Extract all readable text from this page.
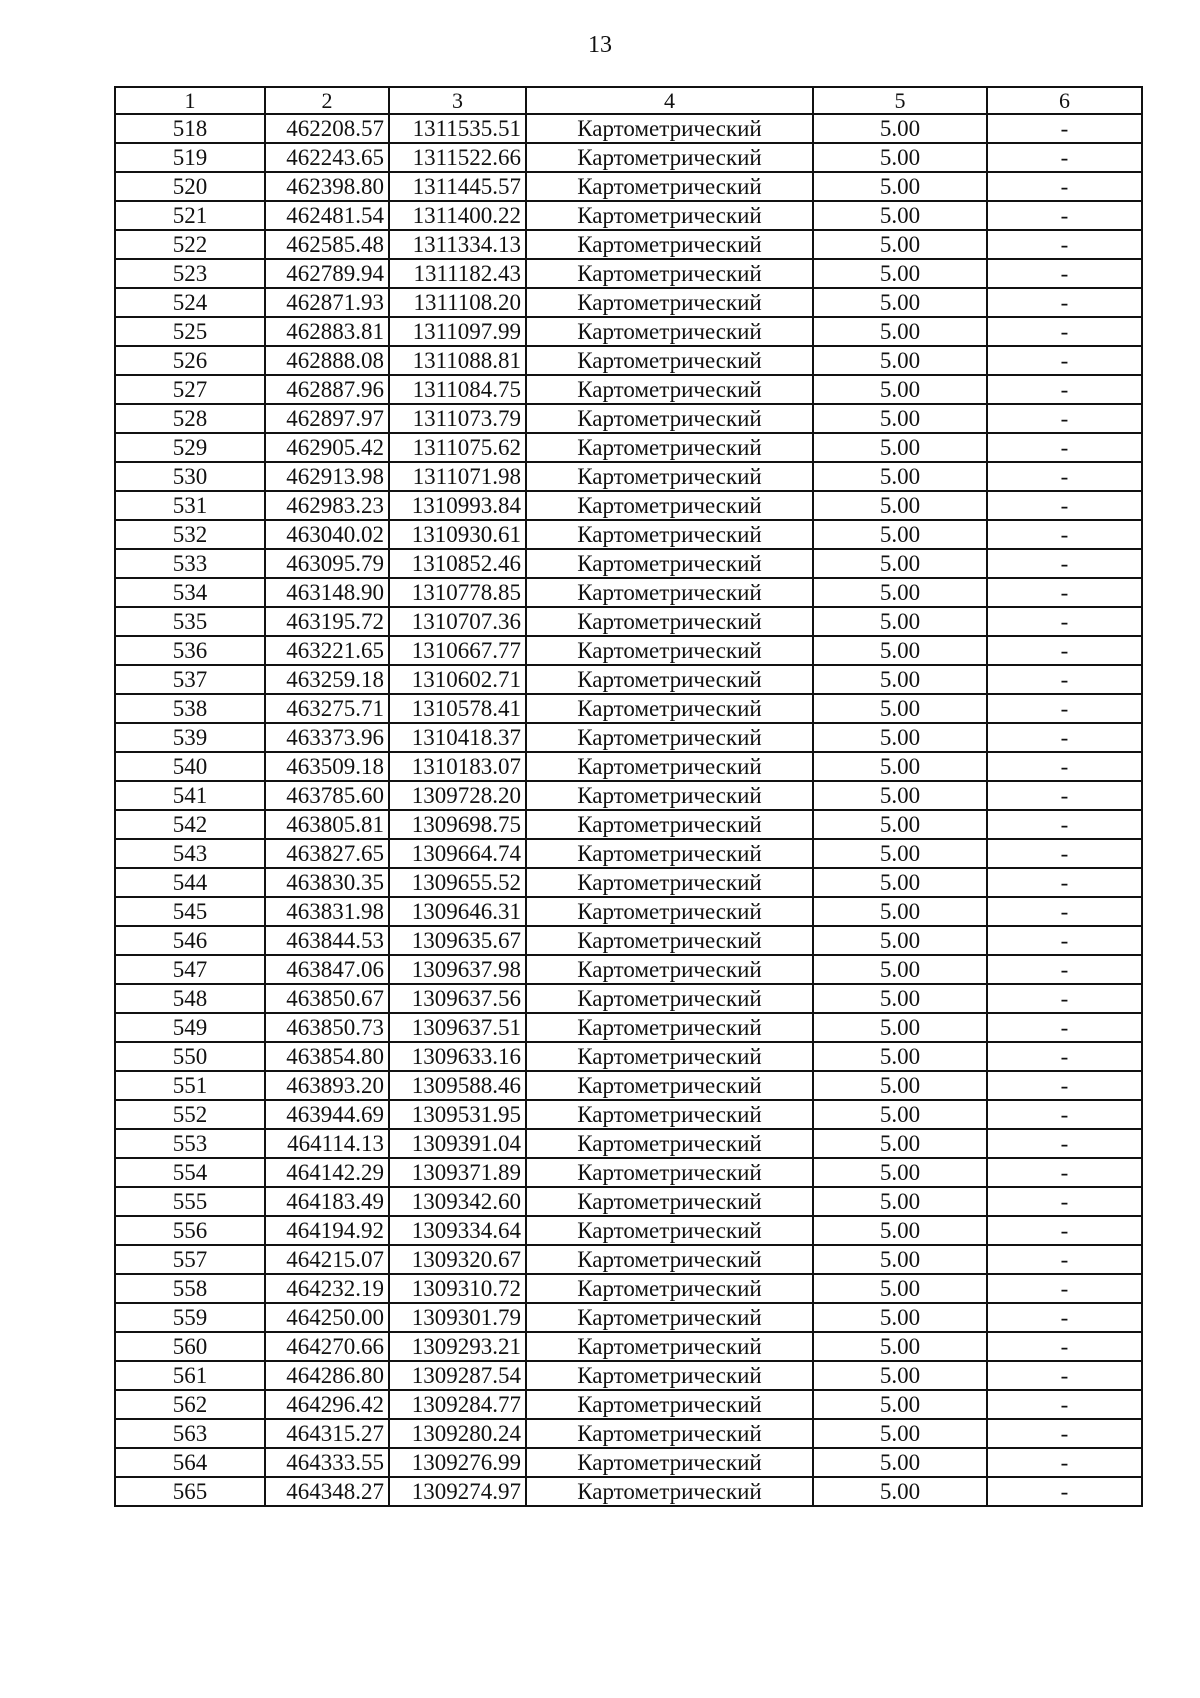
13
1	2	3	4	5	6
518	462208.57	1311535.51	Картометрический	5.00	-
519	462243.65	1311522.66	Картометрический	5.00	-
520	462398.80	1311445.57	Картометрический	5.00	-
521	462481.54	1311400.22	Картометрический	5.00	-
522	462585.48	1311334.13	Картометрический	5.00	-
523	462789.94	1311182.43	Картометрический	5.00	-
524	462871.93	1311108.20	Картометрический	5.00	-
525	462883.81	1311097.99	Картометрический	5.00	-
526	462888.08	1311088.81	Картометрический	5.00	-
527	462887.96	1311084.75	Картометрический	5.00	-
528	462897.97	1311073.79	Картометрический	5.00	-
529	462905.42	1311075.62	Картометрический	5.00	-
530	462913.98	1311071.98	Картометрический	5.00	-
531	462983.23	1310993.84	Картометрический	5.00	-
532	463040.02	1310930.61	Картометрический	5.00	-
533	463095.79	1310852.46	Картометрический	5.00	-
534	463148.90	1310778.85	Картометрический	5.00	-
535	463195.72	1310707.36	Картометрический	5.00	-
536	463221.65	1310667.77	Картометрический	5.00	-
537	463259.18	1310602.71	Картометрический	5.00	-
538	463275.71	1310578.41	Картометрический	5.00	-
539	463373.96	1310418.37	Картометрический	5.00	-
540	463509.18	1310183.07	Картометрический	5.00	-
541	463785.60	1309728.20	Картометрический	5.00	-
542	463805.81	1309698.75	Картометрический	5.00	-
543	463827.65	1309664.74	Картометрический	5.00	-
544	463830.35	1309655.52	Картометрический	5.00	-
545	463831.98	1309646.31	Картометрический	5.00	-
546	463844.53	1309635.67	Картометрический	5.00	-
547	463847.06	1309637.98	Картометрический	5.00	-
548	463850.67	1309637.56	Картометрический	5.00	-
549	463850.73	1309637.51	Картометрический	5.00	-
550	463854.80	1309633.16	Картометрический	5.00	-
551	463893.20	1309588.46	Картометрический	5.00	-
552	463944.69	1309531.95	Картометрический	5.00	-
553	464114.13	1309391.04	Картометрический	5.00	-
554	464142.29	1309371.89	Картометрический	5.00	-
555	464183.49	1309342.60	Картометрический	5.00	-
556	464194.92	1309334.64	Картометрический	5.00	-
557	464215.07	1309320.67	Картометрический	5.00	-
558	464232.19	1309310.72	Картометрический	5.00	-
559	464250.00	1309301.79	Картометрический	5.00	-
560	464270.66	1309293.21	Картометрический	5.00	-
561	464286.80	1309287.54	Картометрический	5.00	-
562	464296.42	1309284.77	Картометрический	5.00	-
563	464315.27	1309280.24	Картометрический	5.00	-
564	464333.55	1309276.99	Картометрический	5.00	-
565	464348.27	1309274.97	Картометрический	5.00	-
